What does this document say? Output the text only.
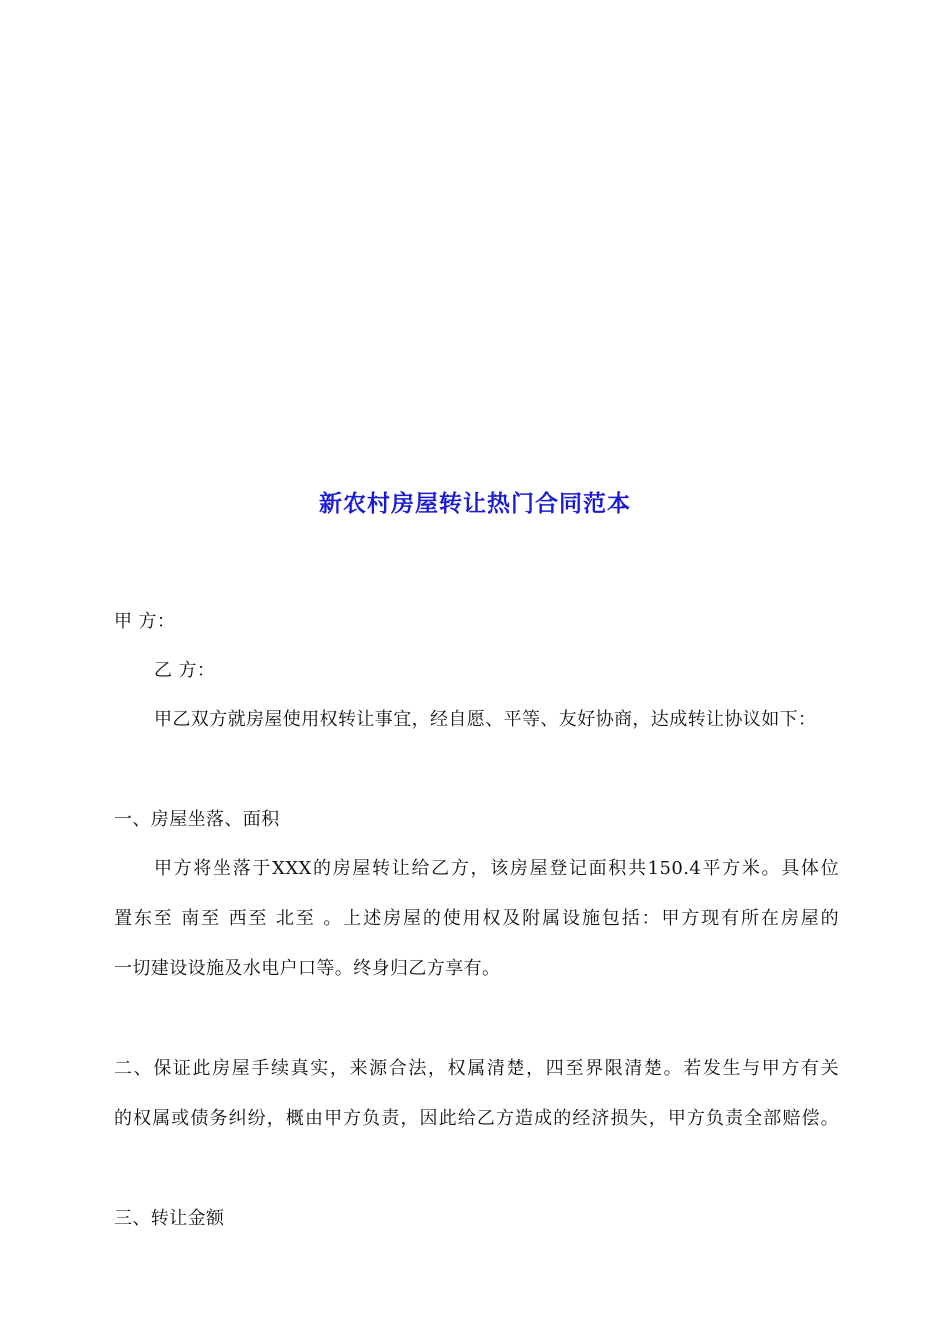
新农村房屋转让热门合同范本
甲 方：
乙 方：
甲乙双方就房屋使用权转让事宜，经自愿、平等、友好协商，达成转让协议如下：
一、房屋坐落、面积
甲方将坐落于XXX的房屋转让给乙方，该房屋登记面积共150.4平方米。具体位
置东至 南至 西至 北至 。上述房屋的使用权及附属设施包括：甲方现有所在房屋的
一切建设设施及水电户口等。终身归乙方享有。
二、保证此房屋手续真实，来源合法，权属清楚，四至界限清楚。若发生与甲方有关
的权属或债务纠纷，概由甲方负责，因此给乙方造成的经济损失，甲方负责全部赔偿。
三、转让金额
